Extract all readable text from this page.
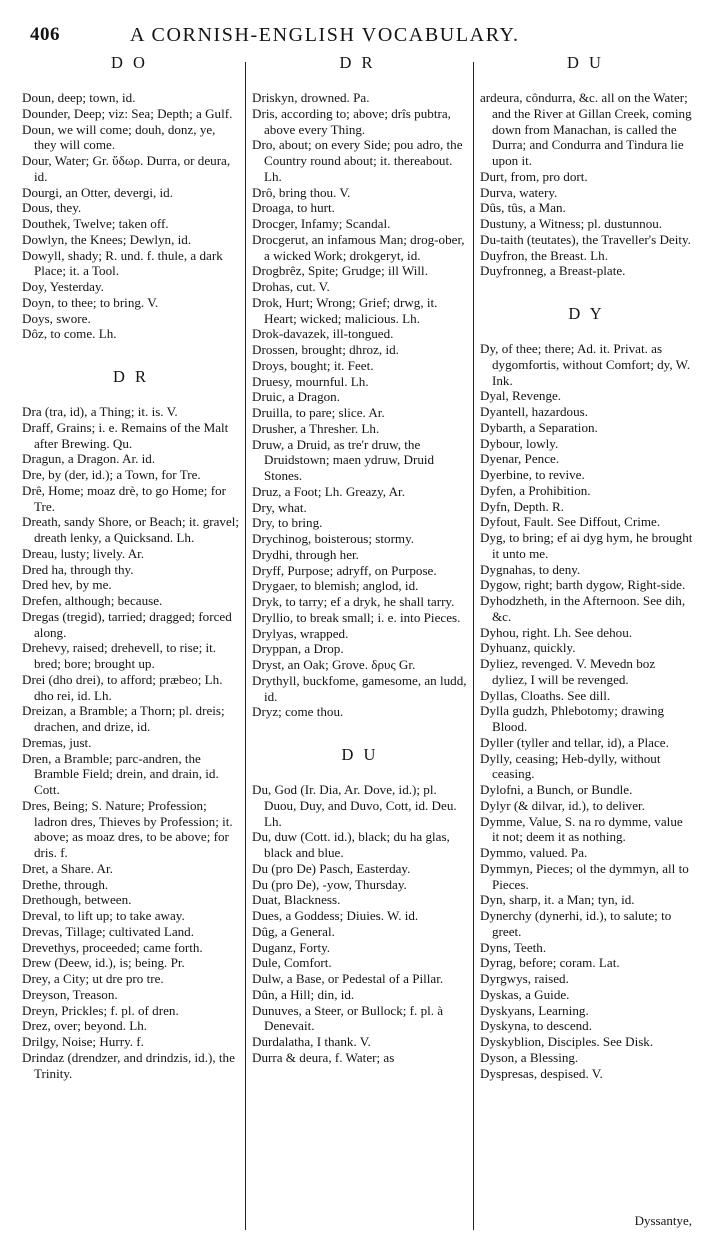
406	A CORNISH-ENGLISH VOCABULARY.
D O	D R	D U
Doun, deep; town, id.
Dounder, Deep; viz: Sea; Depth; a Gulf.
Doun, we will come; douh, donz, ye, they will come.
Dour, Water; Gr. ὕδωρ. Durra, or deura, id.
Dourgi, an Otter, devergi, id.
Dous, they.
Douthek, Twelve; taken off.
Dowlyn, the Knees; Dewlyn, id.
Dowyll, shady; R. und. f. thule, a dark Place; it. a Tool.
Doy, Yesterday.
Doyn, to thee; to bring. V.
Doys, swore.
Dôz, to come. Lh.
D R
Dra (tra, id), a Thing; it. is. V.
Draff, Grains; i. e. Remains of the Malt after Brewing. Qu.
Dragun, a Dragon. Ar. id.
Dre, by (der, id.); a Town, for Tre.
Drê, Home; moaz drè, to go Home; for Tre.
Dreath, sandy Shore, or Beach; it. gravel; dreath lenky, a Quicksand. Lh.
Dreau, lusty; lively. Ar.
Dred ha, through thy.
Dred hev, by me.
Drefen, although; because.
Dregas (tregid), tarried; dragged; forced along.
Drehevy, raised; drehevell, to rise; it. bred; bore; brought up.
Drei (dho drei), to afford; præbeo; Lh. dho rei, id. Lh.
Dreizan, a Bramble; a Thorn; pl. dreis; drachen, and drize, id.
Dremas, just.
Dren, a Bramble; parc-andren, the Bramble Field; drein, and drain, id. Cott.
Dres, Being; S. Nature; Profession; ladron dres, Thieves by Profession; it. above; as moaz dres, to be above; for dris. f.
Dret, a Share. Ar.
Drethe, through.
Drethough, between.
Dreval, to lift up; to take away.
Drevas, Tillage; cultivated Land.
Drevethys, proceeded; came forth.
Drew (Deew, id.), is; being. Pr.
Drey, a City; ut dre pro tre.
Dreyson, Treason.
Dreyn, Prickles; f. pl. of dren.
Drez, over; beyond. Lh.
Drilgy, Noise; Hurry. f.
Drindaz (drendzer, and drindzis, id.), the Trinity.
Driskyn, drowned. Pa.
Dris, according to; above; drîs pubtra, above every Thing.
Dro, about; on every Side; pou adro, the Country round about; it. thereabout. Lh.
Drô, bring thou. V.
Droaga, to hurt.
Drocger, Infamy; Scandal.
Drocgerut, an infamous Man; drog-ober, a wicked Work; drokgeryt, id.
Drogbrêz, Spite; Grudge; ill Will.
Drohas, cut. V.
Drok, Hurt; Wrong; Grief; drwg, it. Heart; wicked; malicious. Lh.
Drok-davazek, ill-tongued.
Drossen, brought; dhroz, id.
Droys, bought; it. Feet.
Druesy, mournful. Lh.
Druic, a Dragon.
Druilla, to pare; slice. Ar.
Drusher, a Thresher. Lh.
Druw, a Druid, as tre'r druw, the Druidstown; maen ydruw, Druid Stones.
Druz, a Foot; Lh. Greazy, Ar.
Dry, what.
Dry, to bring.
Drychinog, boisterous; stormy.
Drydhi, through her.
Dryff, Purpose; adryff, on Purpose.
Drygaer, to blemish; anglod, id.
Dryk, to tarry; ef a dryk, he shall tarry.
Dryllio, to break small; i. e. into Pieces.
Drylyas, wrapped.
Dryppan, a Drop.
Dryst, an Oak; Grove. δρυς Gr.
Drythyll, buckfome, gamesome, an ludd, id.
Dryz; come thou.
D U
Du, God (Ir. Dia, Ar. Dove, id.); pl. Duou, Duy, and Duvo, Cott, id. Deu. Lh.
Du, duw (Cott. id.), black; du ha glas, black and blue.
Du (pro De) Pasch, Easterday.
Du (pro De), -yow, Thursday.
Duat, Blackness.
Dues, a Goddess; Diuies. W. id.
Dûg, a General.
Duganz, Forty.
Dule, Comfort.
Dulw, a Base, or Pedestal of a Pillar.
Dûn, a Hill; din, id.
Dunuves, a Steer, or Bullock; f. pl. à Denevait.
Durdalatha, I thank. V.
Durra & deura, f. Water; as
ardeura, côndurra, &c. all on the Water; and the River at Gillan Creek, coming down from Manachan, is called the Durra; and Condurra and Tindura lie upon it.
Durt, from, pro dort.
Durva, watery.
Dûs, tûs, a Man.
Dustuny, a Witness; pl. dustunnou.
Du-taith (teutates), the Traveller's Deity.
Duyfron, the Breast. Lh.
Duyfronneg, a Breast-plate.
D Y
Dy, of thee; there; Ad. it. Privat. as dygomfortis, without Comfort; dy, W. Ink.
Dyal, Revenge.
Dyantell, hazardous.
Dybarth, a Separation.
Dybour, lowly.
Dyenar, Pence.
Dyerbine, to revive.
Dyfen, a Prohibition.
Dyfn, Depth. R.
Dyfout, Fault. See Diffout, Crime.
Dyg, to bring; ef ai dyg hym, he brought it unto me.
Dygnahas, to deny.
Dygow, right; barth dygow, Right-side.
Dyhodzheth, in the Afternoon. See dih, &c.
Dyhou, right. Lh. See dehou.
Dyhuanz, quickly.
Dyliez, revenged. V. Mevedn boz dyliez, I will be revenged.
Dyllas, Cloaths. See dill.
Dylla gudzh, Phlebotomy; drawing Blood.
Dyller (tyller and tellar, id), a Place.
Dylly, ceasing; Heb-dylly, without ceasing.
Dylofni, a Bunch, or Bundle.
Dylyr (& dilvar, id.), to deliver.
Dymme, Value, S. na ro dymme, value it not; deem it as nothing.
Dymmo, valued. Pa.
Dymmyn, Pieces; ol the dymmyn, all to Pieces.
Dyn, sharp, it. a Man; tyn, id.
Dynerchy (dynerhi, id.), to salute; to greet.
Dyns, Teeth.
Dyrag, before; coram. Lat.
Dyrgwys, raised.
Dyskas, a Guide.
Dyskyans, Learning.
Dyskyna, to descend.
Dyskyblion, Disciples. See Disk.
Dyson, a Blessing.
Dyspresas, despised. V.
Dyssantye,
